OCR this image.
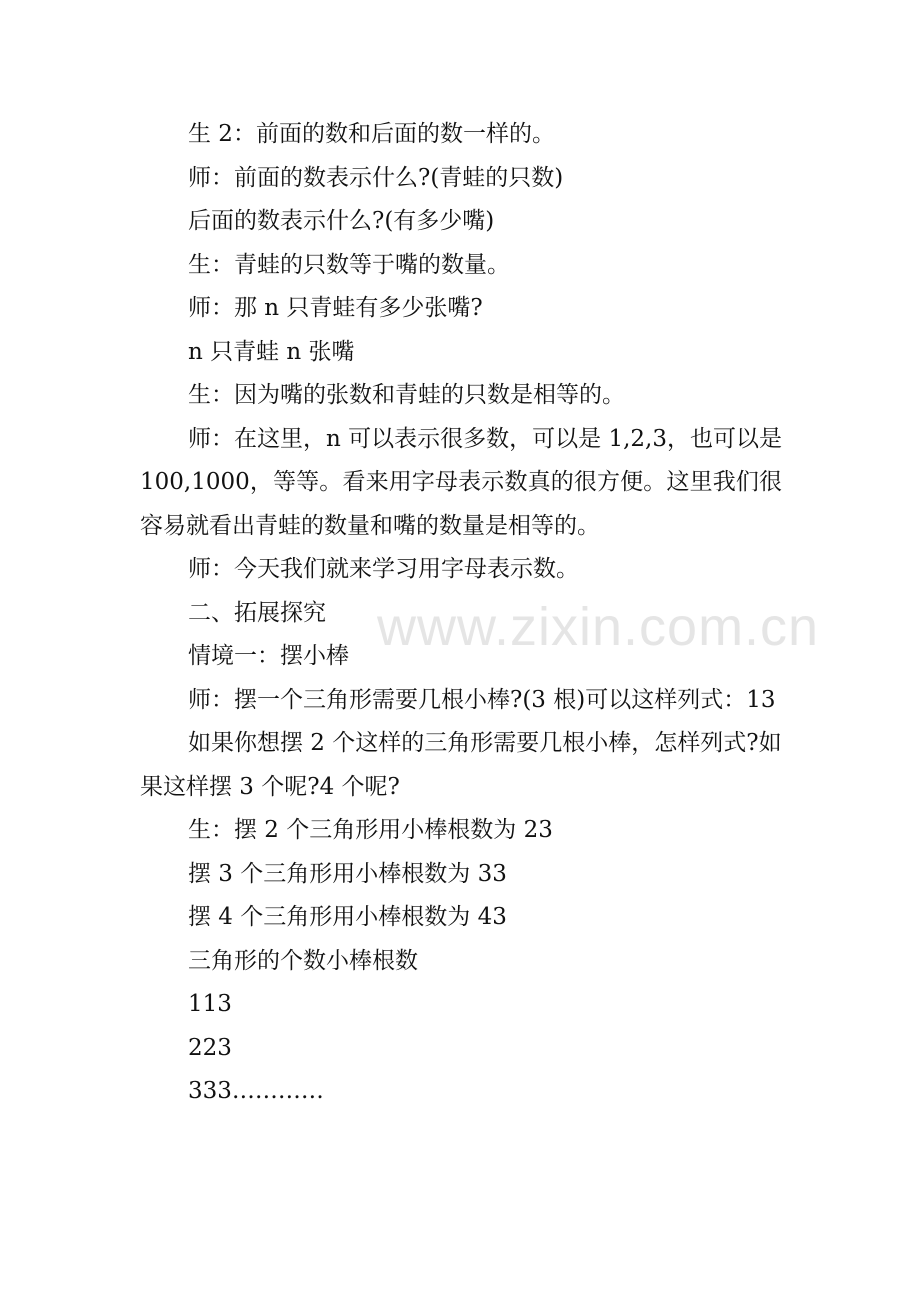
生 2：前面的数和后面的数一样的。

师：前面的数表示什么?(青蛙的只数)

后面的数表示什么?(有多少嘴)

生：青蛙的只数等于嘴的数量。

师：那 n 只青蛙有多少张嘴?

n 只青蛙 n 张嘴

生：因为嘴的张数和青蛙的只数是相等的。

师：在这里，n 可以表示很多数，可以是 1,2,3，也可以是 100,1000，等等。看来用字母表示数真的很方便。这里我们很容易就看出青蛙的数量和嘴的数量是相等的。

师：今天我们就来学习用字母表示数。

二、拓展探究

情境一：摆小棒

师：摆一个三角形需要几根小棒?(3 根)可以这样列式：13

如果你想摆 2 个这样的三角形需要几根小棒，怎样列式?如果这样摆 3 个呢?4 个呢?

生：摆 2 个三角形用小棒根数为 23

摆 3 个三角形用小棒根数为 33

摆 4 个三角形用小棒根数为 43

三角形的个数小棒根数

113

223

333…………

www.zixin.com.cn
